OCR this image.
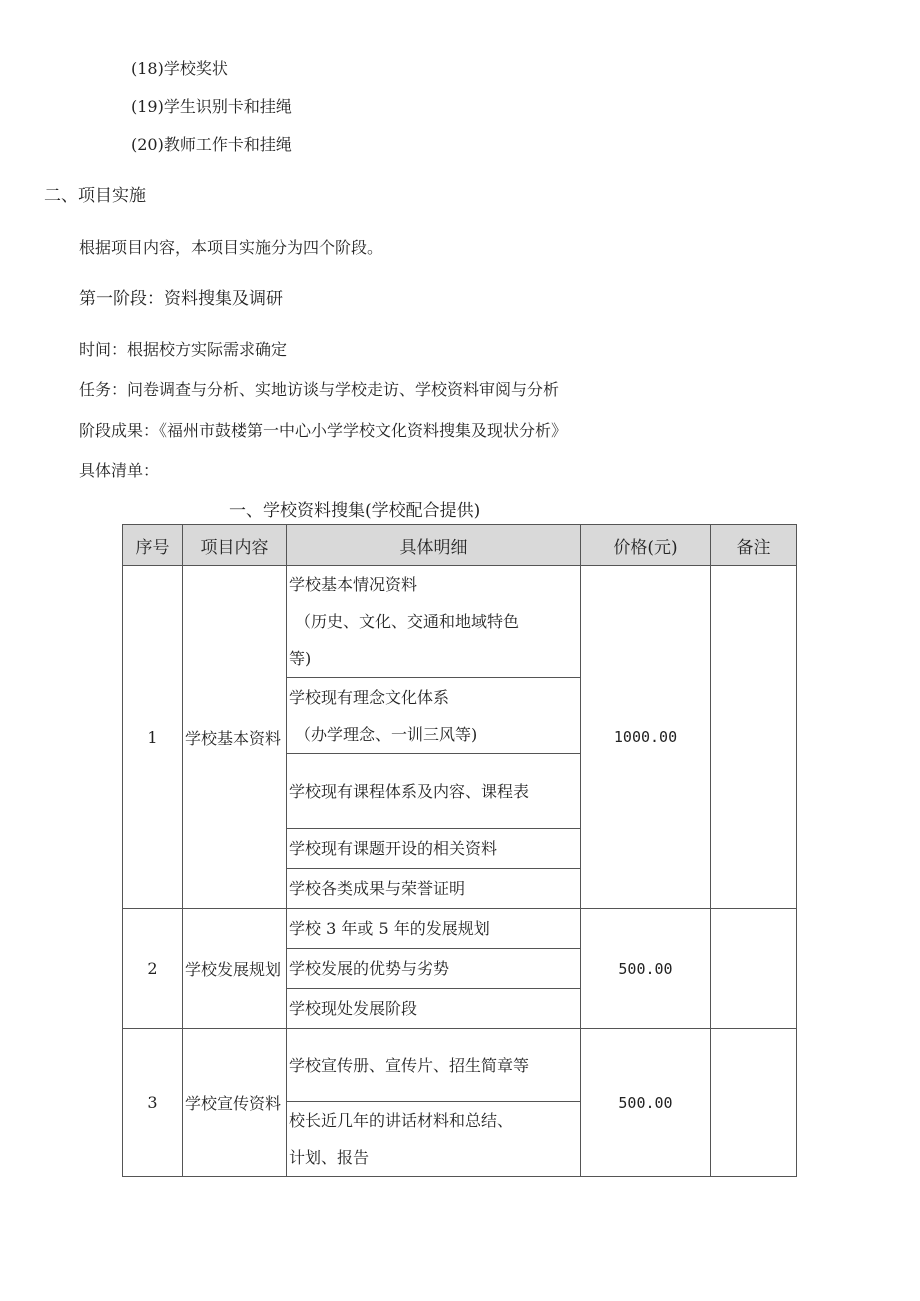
(18)学校奖状
(19)学生识别卡和挂绳
(20)教师工作卡和挂绳
二、项目实施
根据项目内容，本项目实施分为四个阶段。
第一阶段：资料搜集及调研
时间：根据校方实际需求确定
任务：问卷调查与分析、实地访谈与学校走访、学校资料审阅与分析
阶段成果：《福州市鼓楼第一中心小学学校文化资料搜集及现状分析》
具体清单：
一、学校资料搜集(学校配合提供)
序号	项目内容	具体明细	价格(元)	备注
1	学校基本资料	学校基本情况资料
（历史、文化、交通和地域特色
等)	1000.00	

		学校现有理念文化体系
（办学理念、一训三风等)		

		学校现有课程体系及内容、课程表		

		学校现有课题开设的相关资料		

		学校各类成果与荣誉证明		

2	学校发展规划	学校 3 年或 5 年的发展规划	500.00	

		学校发展的优势与劣势		

		学校现处发展阶段		

3	学校宣传资料	学校宣传册、宣传片、招生简章等	500.00	

		校长近几年的讲话材料和总结、
计划、报告		
